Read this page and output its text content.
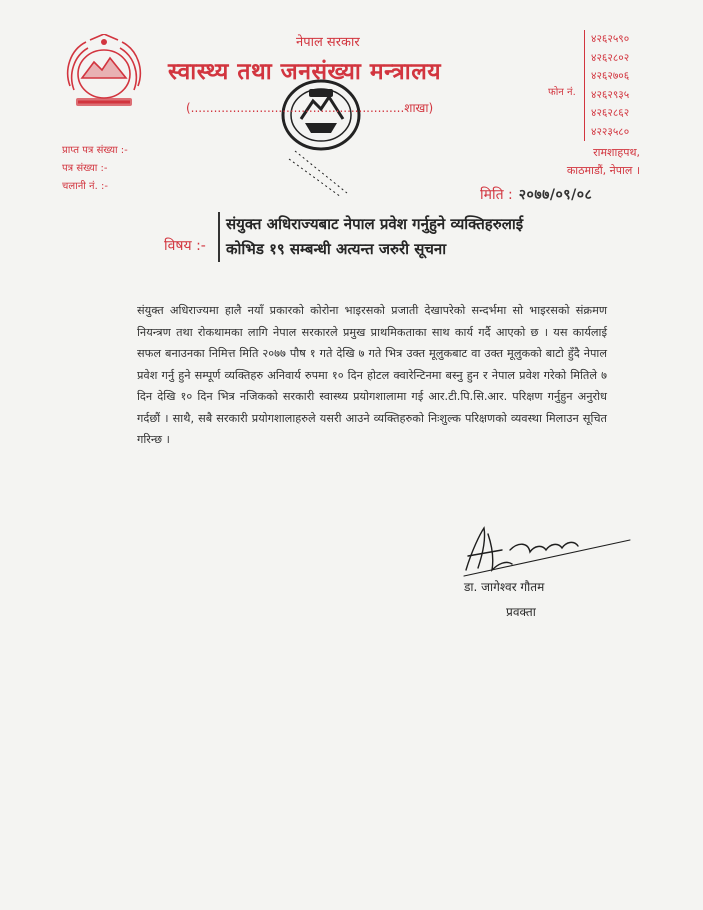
नेपाल सरकार
स्वास्थ्य तथा जनसंख्या मन्त्रालय
(........................................................शाखा)
फोन नं.
४२६२५९०
४२६२८०२
४२६२७०६
४२६२९३५
४२६२८६२
४२२३५८०
रामशाहपथ,
काठमाडौं, नेपाल ।
प्राप्त पत्र संख्या :-
पत्र संख्या :-
चलानी नं. :-
मिति : २०७७/०९/०८
विषय :-
संयुक्त अधिराज्यबाट नेपाल प्रवेश गर्नुहुने व्यक्तिहरुलाई
कोभिड १९ सम्बन्धी अत्यन्त जरुरी सूचना
संयुक्त अधिराज्यमा हालै नयाँ प्रकारको कोरोना भाइरसको प्रजाती देखापरेको सन्दर्भमा सो भाइरसको संक्रमण नियन्त्रण तथा रोकथामका लागि नेपाल सरकारले प्रमुख प्राथमिकताका साथ कार्य गर्दै आएको छ । यस कार्यलाई सफल बनाउनका निमित्त मिति २०७७ पौष १ गते देखि ७ गते भित्र उक्त मूलुकबाट वा उक्त मूलुकको बाटो हुँदै नेपाल प्रवेश गर्नु हुने सम्पूर्ण व्यक्तिहरु अनिवार्य रुपमा १० दिन होटल क्वारेन्टिनमा बस्नु हुन र नेपाल प्रवेश गरेको मितिले ७ दिन देखि १० दिन भित्र नजिकको सरकारी स्वास्थ्य प्रयोगशालामा गई आर.टी.पि.सि.आर. परिक्षण गर्नुहुन अनुरोध गर्दछौं । साथै, सबै सरकारी प्रयोगशालाहरुले यसरी आउने व्यक्तिहरुको निःशुल्क परिक्षणको व्यवस्था मिलाउन सूचित गरिन्छ ।
डा. जागेश्वर गौतम
प्रवक्ता
